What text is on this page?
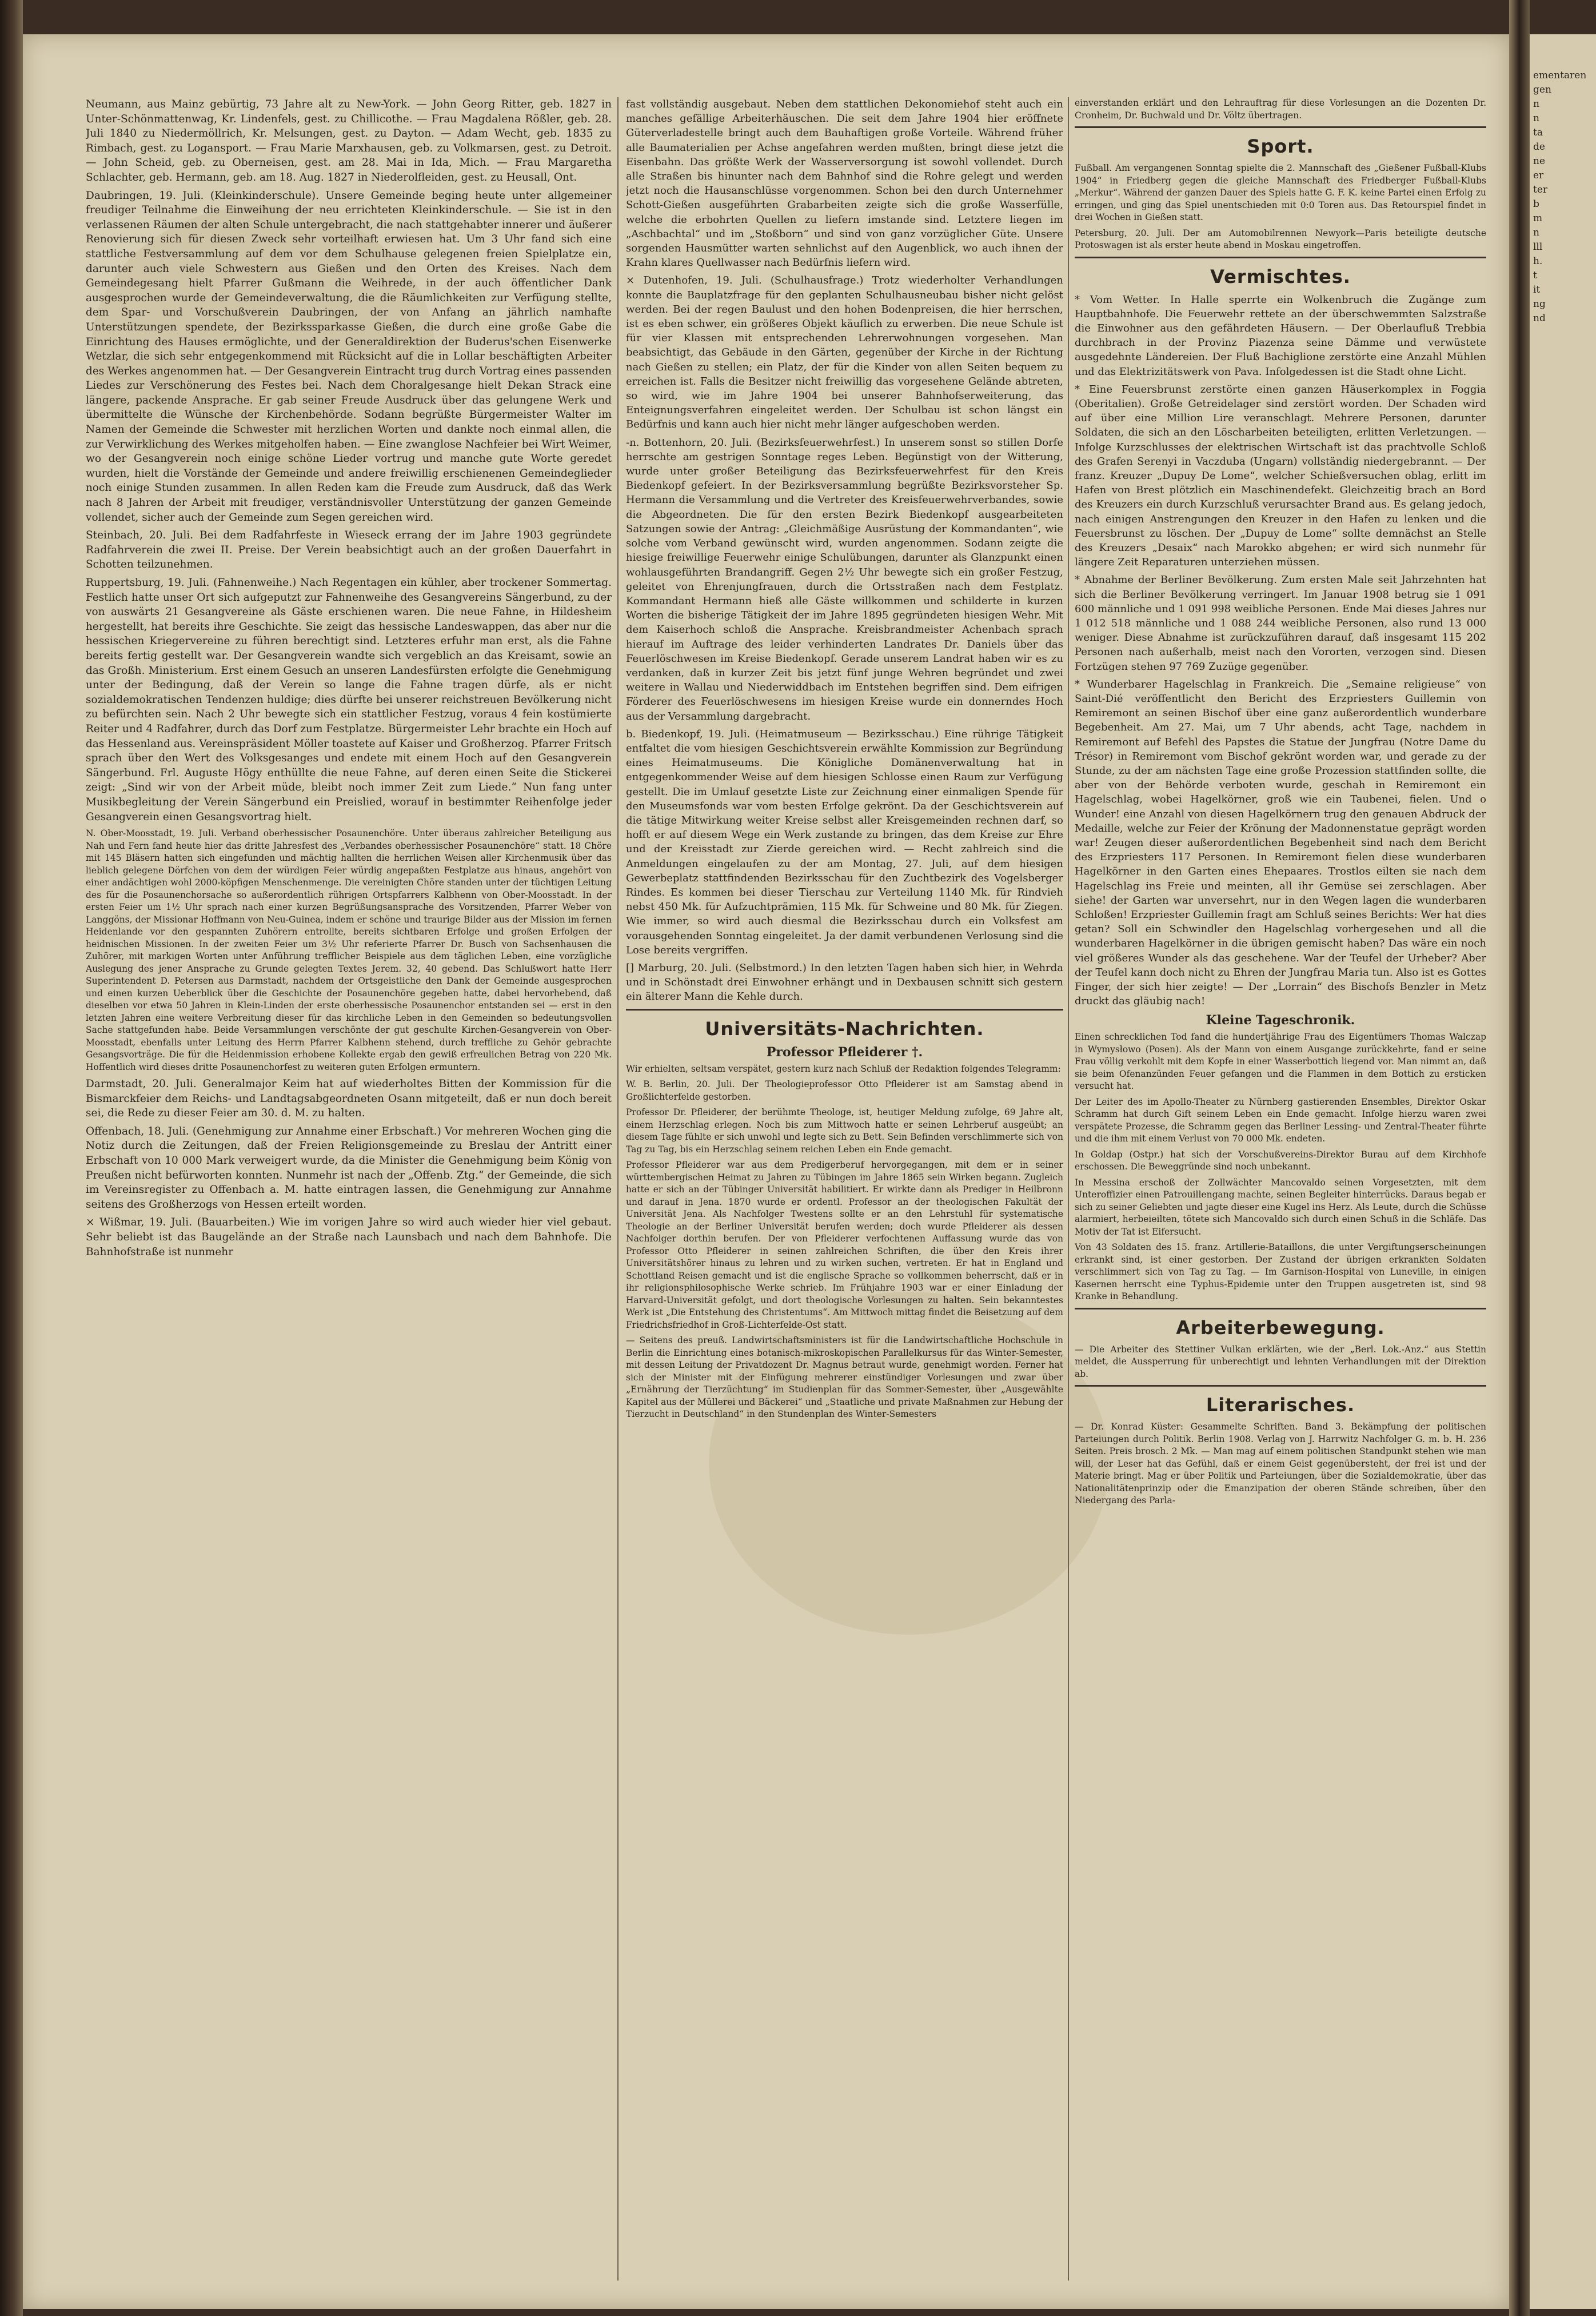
Neumann, aus Mainz gebürtig, 73 Jahre alt zu New-York. — John Georg Ritter, geb. 1827 in Unter-Schönmattenwag, Kr. Lindenfels, gest. zu Chillicothe. — Frau Magdalena Rößler, geb. 28. Juli 1840 zu Niedermöllrich, Kr. Melsungen, gest. zu Dayton. — Adam Wecht, geb. 1835 zu Rimbach, gest. zu Logansport. — Frau Marie Marxhausen, geb. zu Volkmarsen, gest. zu Detroit. — John Scheid, geb. zu Oberneisen, gest. am 28. Mai in Ida, Mich. — Frau Margaretha Schlachter, geb. Hermann, geb. am 18. Aug. 1827 in Niederolfleiden, gest. zu Heusall, Ont.

Daubringen, 19. Juli. (Kleinkinderschule). Unsere Gemeinde beging heute unter allgemeiner freudiger Teilnahme die Einweihung der neu errichteten Kleinkinderschule. — Sie ist in den verlassenen Räumen der alten Schule untergebracht, die nach stattgehabter innerer und äußerer Renovierung sich für diesen Zweck sehr vorteilhaft erwiesen hat. Um 3 Uhr fand sich eine stattliche Festversammlung auf dem vor dem Schulhause gelegenen freien Spielplatze ein, darunter auch viele Schwestern aus Gießen und den Orten des Kreises. Nach dem Gemeindegesang hielt Pfarrer Gußmann die Weihrede, in der auch öffentlicher Dank ausgesprochen wurde der Gemeindeverwaltung, die die Räumlichkeiten zur Verfügung stellte, dem Spar- und Vorschußverein Daubringen, der von Anfang an jährlich namhafte Unterstützungen spendete, der Bezirkssparkasse Gießen, die durch eine große Gabe die Einrichtung des Hauses ermöglichte, und der Generaldirektion der Buderus'schen Eisenwerke Wetzlar, die sich sehr entgegenkommend mit Rücksicht auf die in Lollar beschäftigten Arbeiter des Werkes angenommen hat. — Der Gesangverein Eintracht trug durch Vortrag eines passenden Liedes zur Verschönerung des Festes bei. Nach dem Choralgesange hielt Dekan Strack eine längere, packende Ansprache. Er gab seiner Freude Ausdruck über das gelungene Werk und übermittelte die Wünsche der Kirchenbehörde. Sodann begrüßte Bürgermeister Walter im Namen der Gemeinde die Schwester mit herzlichen Worten und dankte noch einmal allen, die zur Verwirklichung des Werkes mitgeholfen haben. — Eine zwanglose Nachfeier bei Wirt Weimer, wo der Gesangverein noch einige schöne Lieder vortrug und manche gute Worte geredet wurden, hielt die Vorstände der Gemeinde und andere freiwillig erschienenen Gemeindeglieder noch einige Stunden zusammen. In allen Reden kam die Freude zum Ausdruck, daß das Werk nach 8 Jahren der Arbeit mit freudiger, verständnisvoller Unterstützung der ganzen Gemeinde vollendet, sicher auch der Gemeinde zum Segen gereichen wird.

Steinbach, 20. Juli. Bei dem Radfahrfeste in Wieseck errang der im Jahre 1903 gegründete Radfahrverein die zwei II. Preise. Der Verein beabsichtigt auch an der großen Dauerfahrt in Schotten teilzunehmen.

Ruppertsburg, 19. Juli. (Fahnenweihe.) Nach Regentagen ein kühler, aber trockener Sommertag. Festlich hatte unser Ort sich aufgeputzt zur Fahnenweihe des Gesangvereins Sängerbund, zu der von auswärts 21 Gesangvereine als Gäste erschienen waren. Die neue Fahne, in Hildesheim hergestellt, hat bereits ihre Geschichte. Sie zeigt das hessische Landeswappen, das aber nur die hessischen Kriegervereine zu führen berechtigt sind. Letzteres erfuhr man erst, als die Fahne bereits fertig gestellt war. Der Gesangverein wandte sich vergeblich an das Kreisamt, sowie an das Großh. Ministerium. Erst einem Gesuch an unseren Landesfürsten erfolgte die Genehmigung unter der Bedingung, daß der Verein so lange die Fahne tragen dürfe, als er nicht sozialdemokratischen Tendenzen huldige; dies dürfte bei unserer reichstreuen Bevölkerung nicht zu befürchten sein. Nach 2 Uhr bewegte sich ein stattlicher Festzug, voraus 4 fein kostümierte Reiter und 4 Radfahrer, durch das Dorf zum Festplatze. Bürgermeister Lehr brachte ein Hoch auf das Hessenland aus. Vereinspräsident Möller toastete auf Kaiser und Großherzog. Pfarrer Fritsch sprach über den Wert des Volksgesanges und endete mit einem Hoch auf den Gesangverein Sängerbund. Frl. Auguste Högy enthüllte die neue Fahne, auf deren einen Seite die Stickerei zeigt: „Sind wir von der Arbeit müde, bleibt noch immer Zeit zum Liede.“ Nun fang unter Musikbegleitung der Verein Sängerbund ein Preislied, worauf in bestimmter Reihenfolge jeder Gesangverein einen Gesangsvortrag hielt.

N. Ober-Moosstadt, 19. Juli. Verband oberhessischer Posaunenchöre. Unter überaus zahlreicher Beteiligung aus Nah und Fern fand heute hier das dritte Jahresfest des „Verbandes oberhessischer Posaunenchöre“ statt. 18 Chöre mit 145 Bläsern hatten sich eingefunden und mächtig hallten die herrlichen Weisen aller Kirchenmusik über das lieblich gelegene Dörfchen von dem der würdigen Feier würdig angepaßten Festplatze aus hinaus, angehört von einer andächtigen wohl 2000-köpfigen Menschenmenge. Die vereinigten Chöre standen unter der tüchtigen Leitung des für die Posaunenchorsache so außerordentlich rührigen Ortspfarrers Kalbhenn von Ober-Moosstadt. In der ersten Feier um 1½ Uhr sprach nach einer kurzen Begrüßungsansprache des Vorsitzenden, Pfarrer Weber von Langgöns, der Missionar Hoffmann von Neu-Guinea, indem er schöne und traurige Bilder aus der Mission im fernen Heidenlande vor den gespannten Zuhörern entrollte, bereits sichtbaren Erfolge und großen Erfolgen der heidnischen Missionen. In der zweiten Feier um 3½ Uhr referierte Pfarrer Dr. Busch von Sachsenhausen die Zuhörer, mit markigen Worten unter Anführung trefflicher Beispiele aus dem täglichen Leben, eine vorzügliche Auslegung des jener Ansprache zu Grunde gelegten Textes Jerem. 32, 40 gebend. Das Schlußwort hatte Herr Superintendent D. Petersen aus Darmstadt, nachdem der Ortsgeistliche den Dank der Gemeinde ausgesprochen und einen kurzen Ueberblick über die Geschichte der Posaunenchöre gegeben hatte, dabei hervorhebend, daß dieselben vor etwa 50 Jahren in Klein-Linden der erste oberhessische Posaunenchor entstanden sei — erst in den letzten Jahren eine weitere Verbreitung dieser für das kirchliche Leben in den Gemeinden so bedeutungsvollen Sache stattgefunden habe. Beide Versammlungen verschönte der gut geschulte Kirchen-Gesangverein von Ober-Moosstadt, ebenfalls unter Leitung des Herrn Pfarrer Kalbhenn stehend, durch treffliche zu Gehör gebrachte Gesangsvorträge. Die für die Heidenmission erhobene Kollekte ergab den gewiß erfreulichen Betrag von 220 Mk. Hoffentlich wird dieses dritte Posaunenchorfest zu weiteren guten Erfolgen ermuntern.

Darmstadt, 20. Juli. Generalmajor Keim hat auf wiederholtes Bitten der Kommission für die Bismarckfeier dem Reichs- und Landtagsabgeordneten Osann mitgeteilt, daß er nun doch bereit sei, die Rede zu dieser Feier am 30. d. M. zu halten.

Offenbach, 18. Juli. (Genehmigung zur Annahme einer Erbschaft.) Vor mehreren Wochen ging die Notiz durch die Zeitungen, daß der Freien Religionsgemeinde zu Breslau der Antritt einer Erbschaft von 10 000 Mark verweigert wurde, da die Minister die Genehmigung beim König von Preußen nicht befürworten konnten. Nunmehr ist nach der „Offenb. Ztg.“ der Gemeinde, die sich im Vereinsregister zu Offenbach a. M. hatte eintragen lassen, die Genehmigung zur Annahme seitens des Großherzogs von Hessen erteilt worden.

× Wißmar, 19. Juli. (Bauarbeiten.) Wie im vorigen Jahre so wird auch wieder hier viel gebaut. Sehr beliebt ist das Baugelände an der Straße nach Launsbach und nach dem Bahnhofe. Die Bahnhofstraße ist nunmehr

fast vollständig ausgebaut. Neben dem stattlichen Dekonomiehof steht auch ein manches gefällige Arbeiterhäuschen. Die seit dem Jahre 1904 hier eröffnete Güterverladestelle bringt auch dem Bauhaftigen große Vorteile. Während früher alle Baumaterialien per Achse angefahren werden mußten, bringt diese jetzt die Eisenbahn. Das größte Werk der Wasserversorgung ist sowohl vollendet. Durch alle Straßen bis hinunter nach dem Bahnhof sind die Rohre gelegt und werden jetzt noch die Hausanschlüsse vorgenommen. Schon bei den durch Unternehmer Schott-Gießen ausgeführten Grabarbeiten zeigte sich die große Wasserfülle, welche die erbohrten Quellen zu liefern imstande sind. Letztere liegen im „Aschbachtal“ und im „Stoßborn“ und sind von ganz vorzüglicher Güte. Unsere sorgenden Hausmütter warten sehnlichst auf den Augenblick, wo auch ihnen der Krahn klares Quellwasser nach Bedürfnis liefern wird.

× Dutenhofen, 19. Juli. (Schulhausfrage.) Trotz wiederholter Verhandlungen konnte die Bauplatzfrage für den geplanten Schulhausneubau bisher nicht gelöst werden. Bei der regen Baulust und den hohen Bodenpreisen, die hier herrschen, ist es eben schwer, ein größeres Objekt käuflich zu erwerben. Die neue Schule ist für vier Klassen mit entsprechenden Lehrerwohnungen vorgesehen. Man beabsichtigt, das Gebäude in den Gärten, gegenüber der Kirche in der Richtung nach Gießen zu stellen; ein Platz, der für die Kinder von allen Seiten bequem zu erreichen ist. Falls die Besitzer nicht freiwillig das vorgesehene Gelände abtreten, so wird, wie im Jahre 1904 bei unserer Bahnhofserweiterung, das Enteignungsverfahren eingeleitet werden. Der Schulbau ist schon längst ein Bedürfnis und kann auch hier nicht mehr länger aufgeschoben werden.

-n. Bottenhorn, 20. Juli. (Bezirksfeuerwehrfest.) In unserem sonst so stillen Dorfe herrschte am gestrigen Sonntage reges Leben. Begünstigt von der Witterung, wurde unter großer Beteiligung das Bezirksfeuerwehrfest für den Kreis Biedenkopf gefeiert. In der Bezirksversammlung begrüßte Bezirksvorsteher Sp. Hermann die Versammlung und die Vertreter des Kreisfeuerwehrverbandes, sowie die Abgeordneten. Die für den ersten Bezirk Biedenkopf ausgearbeiteten Satzungen sowie der Antrag: „Gleichmäßige Ausrüstung der Kommandanten“, wie solche vom Verband gewünscht wird, wurden angenommen. Sodann zeigte die hiesige freiwillige Feuerwehr einige Schulübungen, darunter als Glanzpunkt einen wohlausgeführten Brandangriff. Gegen 2½ Uhr bewegte sich ein großer Festzug, geleitet von Ehrenjungfrauen, durch die Ortsstraßen nach dem Festplatz. Kommandant Hermann hieß alle Gäste willkommen und schilderte in kurzen Worten die bisherige Tätigkeit der im Jahre 1895 gegründeten hiesigen Wehr. Mit dem Kaiserhoch schloß die Ansprache. Kreisbrandmeister Achenbach sprach hierauf im Auftrage des leider verhinderten Landrates Dr. Daniels über das Feuerlöschwesen im Kreise Biedenkopf. Gerade unserem Landrat haben wir es zu verdanken, daß in kurzer Zeit bis jetzt fünf junge Wehren begründet und zwei weitere in Wallau und Niederwiddbach im Entstehen begriffen sind. Dem eifrigen Förderer des Feuerlöschwesens im hiesigen Kreise wurde ein donnerndes Hoch aus der Versammlung dargebracht.

b. Biedenkopf, 19. Juli. (Heimatmuseum — Bezirksschau.) Eine rührige Tätigkeit entfaltet die vom hiesigen Geschichtsverein erwählte Kommission zur Begründung eines Heimatmuseums. Die Königliche Domänenverwaltung hat in entgegenkommender Weise auf dem hiesigen Schlosse einen Raum zur Verfügung gestellt. Die im Umlauf gesetzte Liste zur Zeichnung einer einmaligen Spende für den Museumsfonds war vom besten Erfolge gekrönt. Da der Geschichtsverein auf die tätige Mitwirkung weiter Kreise selbst aller Kreisgemeinden rechnen darf, so hofft er auf diesem Wege ein Werk zustande zu bringen, das dem Kreise zur Ehre und der Kreisstadt zur Zierde gereichen wird. — Recht zahlreich sind die Anmeldungen eingelaufen zu der am Montag, 27. Juli, auf dem hiesigen Gewerbeplatz stattfindenden Bezirksschau für den Zuchtbezirk des Vogelsberger Rindes. Es kommen bei dieser Tierschau zur Verteilung 1140 Mk. für Rindvieh nebst 450 Mk. für Aufzuchtprämien, 115 Mk. für Schweine und 80 Mk. für Ziegen. Wie immer, so wird auch diesmal die Bezirksschau durch ein Volksfest am vorausgehenden Sonntag eingeleitet. Ja der damit verbundenen Verlosung sind die Lose bereits vergriffen.

[] Marburg, 20. Juli. (Selbstmord.) In den letzten Tagen haben sich hier, in Wehrda und in Schönstadt drei Einwohner erhängt und in Dexbausen schnitt sich gestern ein älterer Mann die Kehle durch.

Universitäts-Nachrichten.
Professor Pfleiderer †.

Wir erhielten, seltsam verspätet, gestern kurz nach Schluß der Redaktion folgendes Telegramm:

W. B. Berlin, 20. Juli. Der Theologieprofessor Otto Pfleiderer ist am Samstag abend in Großlichterfelde gestorben.

Professor Dr. Pfleiderer, der berühmte Theologe, ist, heutiger Meldung zufolge, 69 Jahre alt, einem Herzschlag erlegen. Noch bis zum Mittwoch hatte er seinen Lehrberuf ausgeübt; an diesem Tage fühlte er sich unwohl und legte sich zu Bett. Sein Befinden verschlimmerte sich von Tag zu Tag, bis ein Herzschlag seinem reichen Leben ein Ende gemacht.

Professor Pfleiderer war aus dem Predigerberuf hervorgegangen, mit dem er in seiner württembergischen Heimat zu Jahren zu Tübingen im Jahre 1865 sein Wirken begann. Zugleich hatte er sich an der Tübinger Universität habilitiert. Er wirkte dann als Prediger in Heilbronn und darauf in Jena. 1870 wurde er ordentl. Professor an der theologischen Fakultät der Universität Jena. Als Nachfolger Twestens sollte er an den Lehrstuhl für systematische Theologie an der Berliner Universität berufen werden; doch wurde Pfleiderer als dessen Nachfolger dorthin berufen. Der von Pfleiderer verfochtenen Auffassung wurde das von Professor Otto Pfleiderer in seinen zahlreichen Schriften, die über den Kreis ihrer Universitätshörer hinaus zu lehren und zu wirken suchen, vertreten. Er hat in England und Schottland Reisen gemacht und ist die englische Sprache so vollkommen beherrscht, daß er in ihr religionsphilosophische Werke schrieb. Im Frühjahre 1903 war er einer Einladung der Harvard-Universität gefolgt, und dort theologische Vorlesungen zu halten. Sein bekanntestes Werk ist „Die Entstehung des Christentums“. Am Mittwoch mittag findet die Beisetzung auf dem Friedrichsfriedhof in Groß-Lichterfelde-Ost statt.

— Seitens des preuß. Landwirtschaftsministers ist für die Landwirtschaftliche Hochschule in Berlin die Einrichtung eines botanisch-mikroskopischen Parallelkursus für das Winter-Semester, mit dessen Leitung der Privatdozent Dr. Magnus betraut wurde, genehmigt worden. Ferner hat sich der Minister mit der Einfügung mehrerer einstündiger Vorlesungen und zwar über „Ernährung der Tierzüchtung“ im Studienplan für das Sommer-Semester, über „Ausgewählte Kapitel aus der Müllerei und Bäckerei“ und „Staatliche und private Maßnahmen zur Hebung der Tierzucht in Deutschland“ in den Stundenplan des Winter-Semesters

einverstanden erklärt und den Lehrauftrag für diese Vorlesungen an die Dozenten Dr. Cronheim, Dr. Buchwald und Dr. Völtz übertragen.

Sport.

Fußball. Am vergangenen Sonntag spielte die 2. Mannschaft des „Gießener Fußball-Klubs 1904“ in Friedberg gegen die gleiche Mannschaft des Friedberger Fußball-Klubs „Merkur“. Während der ganzen Dauer des Spiels hatte G. F. K. keine Partei einen Erfolg zu erringen, und ging das Spiel unentschieden mit 0:0 Toren aus. Das Retourspiel findet in drei Wochen in Gießen statt.

Petersburg, 20. Juli. Der am Automobilrennen Newyork—Paris beteiligte deutsche Protoswagen ist als erster heute abend in Moskau eingetroffen.

Vermischtes.

* Vom Wetter. In Halle sperrte ein Wolkenbruch die Zugänge zum Hauptbahnhofe. Die Feuerwehr rettete an der überschwemmten Salzstraße die Einwohner aus den gefährdeten Häusern. — Der Oberlaufluß Trebbia durchbrach in der Provinz Piazenza seine Dämme und verwüstete ausgedehnte Ländereien. Der Fluß Bachiglione zerstörte eine Anzahl Mühlen und das Elektrizitätswerk von Pava. Infolgedessen ist die Stadt ohne Licht.

* Eine Feuersbrunst zerstörte einen ganzen Häuserkomplex in Foggia (Oberitalien). Große Getreidelager sind zerstört worden. Der Schaden wird auf über eine Million Lire veranschlagt. Mehrere Personen, darunter Soldaten, die sich an den Löscharbeiten beteiligten, erlitten Verletzungen. — Infolge Kurzschlusses der elektrischen Wirtschaft ist das prachtvolle Schloß des Grafen Serenyi in Vaczduba (Ungarn) vollständig niedergebrannt. — Der franz. Kreuzer „Dupuy De Lome“, welcher Schießversuchen oblag, erlitt im Hafen von Brest plötzlich ein Maschinendefekt. Gleichzeitig brach an Bord des Kreuzers ein durch Kurzschluß verursachter Brand aus. Es gelang jedoch, nach einigen Anstrengungen den Kreuzer in den Hafen zu lenken und die Feuersbrunst zu löschen. Der „Dupuy de Lome“ sollte demnächst an Stelle des Kreuzers „Desaix“ nach Marokko abgehen; er wird sich nunmehr für längere Zeit Reparaturen unterziehen müssen.

* Abnahme der Berliner Bevölkerung. Zum ersten Male seit Jahrzehnten hat sich die Berliner Bevölkerung verringert. Im Januar 1908 betrug sie 1 091 600 männliche und 1 091 998 weibliche Personen. Ende Mai dieses Jahres nur 1 012 518 männliche und 1 088 244 weibliche Personen, also rund 13 000 weniger. Diese Abnahme ist zurückzuführen darauf, daß insgesamt 115 202 Personen nach außerhalb, meist nach den Vororten, verzogen sind. Diesen Fortzügen stehen 97 769 Zuzüge gegenüber.

* Wunderbarer Hagelschlag in Frankreich. Die „Semaine religieuse“ von Saint-Dié veröffentlicht den Bericht des Erzpriesters Guillemin von Remiremont an seinen Bischof über eine ganz außerordentlich wunderbare Begebenheit. Am 27. Mai, um 7 Uhr abends, acht Tage, nachdem in Remiremont auf Befehl des Papstes die Statue der Jungfrau (Notre Dame du Trésor) in Remiremont vom Bischof gekrönt worden war, und gerade zu der Stunde, zu der am nächsten Tage eine große Prozession stattfinden sollte, die aber von der Behörde verboten wurde, geschah in Remiremont ein Hagelschlag, wobei Hagelkörner, groß wie ein Taubenei, fielen. Und o Wunder! eine Anzahl von diesen Hagelkörnern trug den genauen Abdruck der Medaille, welche zur Feier der Krönung der Madonnenstatue geprägt worden war! Zeugen dieser außerordentlichen Begebenheit sind nach dem Bericht des Erzpriesters 117 Personen. In Remiremont fielen diese wunderbaren Hagelkörner in den Garten eines Ehepaares. Trostlos eilten sie nach dem Hagelschlag ins Freie und meinten, all ihr Gemüse sei zerschlagen. Aber siehe! der Garten war unversehrt, nur in den Wegen lagen die wunderbaren Schloßen! Erzpriester Guillemin fragt am Schluß seines Berichts: Wer hat dies getan? Soll ein Schwindler den Hagelschlag vorhergesehen und all die wunderbaren Hagelkörner in die übrigen gemischt haben? Das wäre ein noch viel größeres Wunder als das geschehene. War der Teufel der Urheber? Aber der Teufel kann doch nicht zu Ehren der Jungfrau Maria tun. Also ist es Gottes Finger, der sich hier zeigte! — Der „Lorrain“ des Bischofs Benzler in Metz druckt das gläubig nach!

Kleine Tageschronik.

Einen schrecklichen Tod fand die hundertjährige Frau des Eigentümers Thomas Walczap in Wymysłowo (Posen). Als der Mann von einem Ausgange zurückkehrte, fand er seine Frau völlig verkohlt mit dem Kopfe in einer Wasserbottich liegend vor. Man nimmt an, daß sie beim Ofenanzünden Feuer gefangen und die Flammen in dem Bottich zu ersticken versucht hat.

Der Leiter des im Apollo-Theater zu Nürnberg gastierenden Ensembles, Direktor Oskar Schramm hat durch Gift seinem Leben ein Ende gemacht. Infolge hierzu waren zwei verspätete Prozesse, die Schramm gegen das Berliner Lessing- und Zentral-Theater führte und die ihm mit einem Verlust von 70 000 Mk. endeten.

In Goldap (Ostpr.) hat sich der Vorschußvereins-Direktor Burau auf dem Kirchhofe erschossen. Die Beweggründe sind noch unbekannt.

In Messina erschoß der Zollwächter Mancovaldo seinen Vorgesetzten, mit dem Unteroffizier einen Patrouillengang machte, seinen Begleiter hinterrücks. Daraus begab er sich zu seiner Geliebten und jagte dieser eine Kugel ins Herz. Als Leute, durch die Schüsse alarmiert, herbeieilten, tötete sich Mancovaldo sich durch einen Schuß in die Schläfe. Das Motiv der Tat ist Eifersucht.

Von 43 Soldaten des 15. franz. Artillerie-Bataillons, die unter Vergiftungserscheinungen erkrankt sind, ist einer gestorben. Der Zustand der übrigen erkrankten Soldaten verschlimmert sich von Tag zu Tag. — Im Garnison-Hospital von Luneville, in einigen Kasernen herrscht eine Typhus-Epidemie unter den Truppen ausgetreten ist, sind 98 Kranke in Behandlung.

Arbeiterbewegung.

— Die Arbeiter des Stettiner Vulkan erklärten, wie der „Berl. Lok.-Anz.“ aus Stettin meldet, die Aussperrung für unberechtigt und lehnten Verhandlungen mit der Direktion ab.

Literarisches.

— Dr. Konrad Küster: Gesammelte Schriften. Band 3. Bekämpfung der politischen Parteiungen durch Politik. Berlin 1908. Verlag von J. Harrwitz Nachfolger G. m. b. H. 236 Seiten. Preis brosch. 2 Mk. — Man mag auf einem politischen Standpunkt stehen wie man will, der Leser hat das Gefühl, daß er einem Geist gegenübersteht, der frei ist und der Materie bringt. Mag er über Politik und Parteiungen, über die Sozialdemokratie, über das Nationalitätenprinzip oder die Emanzipation der oberen Stände schreiben, über den Niedergang des Parla-

ementaren
gen
n
n
ta
de
ne
er
ter
b
m
n
lll
h.
t
it
ng
nd
